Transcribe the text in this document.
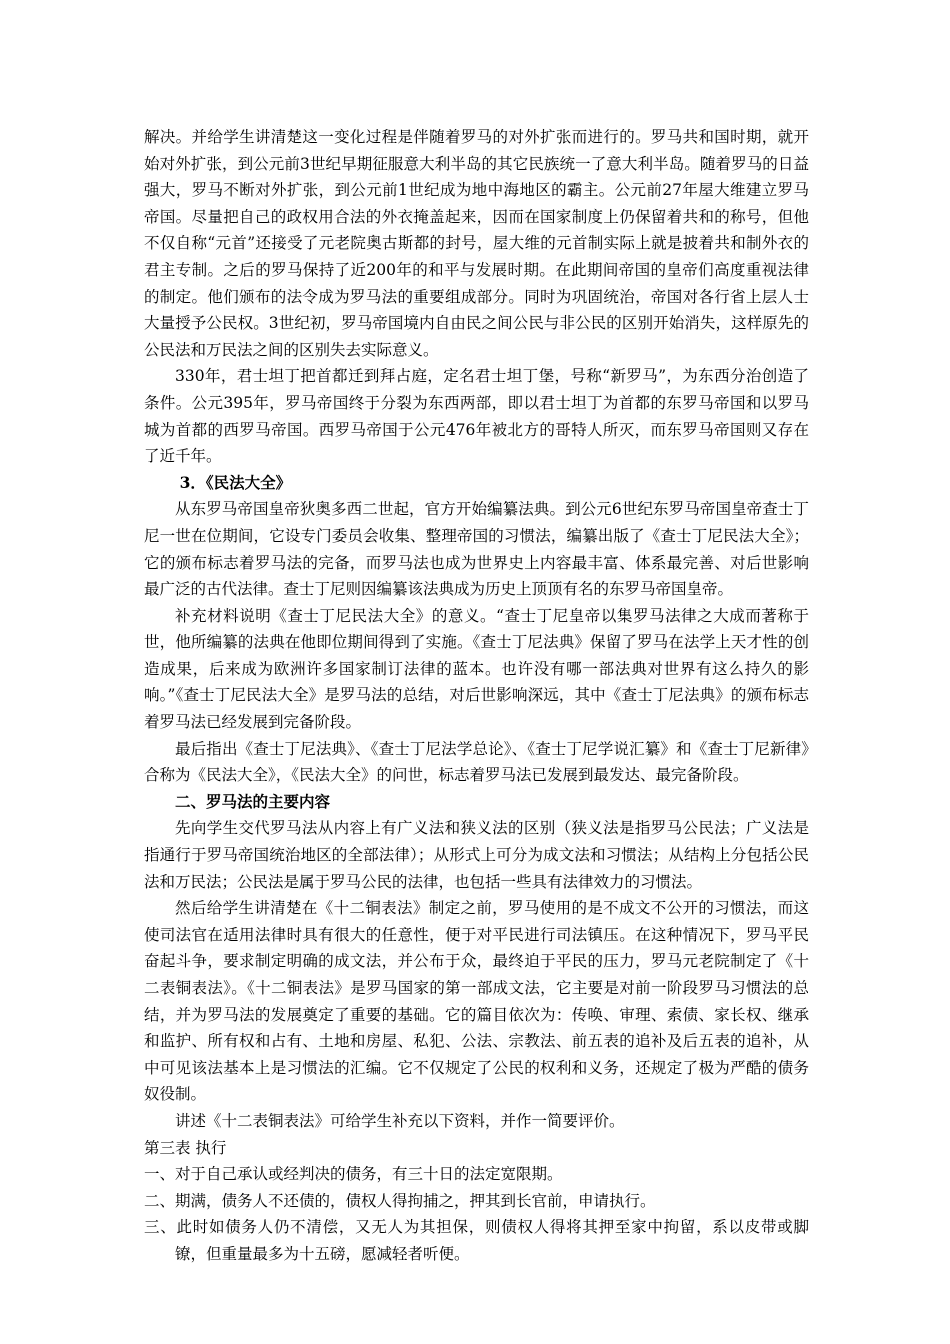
解决。并给学生讲清楚这一变化过程是伴随着罗马的对外扩张而进行的。罗马共和国时期，就开始对外扩张，到公元前3世纪早期征服意大利半岛的其它民族统一了意大利半岛。随着罗马的日益强大，罗马不断对外扩张，到公元前1世纪成为地中海地区的霸主。公元前27年屋大维建立罗马帝国。尽量把自己的政权用合法的外衣掩盖起来，因而在国家制度上仍保留着共和的称号，但他不仅自称“元首”还接受了元老院奥古斯都的封号，屋大维的元首制实际上就是披着共和制外衣的君主专制。之后的罗马保持了近200年的和平与发展时期。在此期间帝国的皇帝们高度重视法律的制定。他们颁布的法令成为罗马法的重要组成部分。同时为巩固统治，帝国对各行省上层人士大量授予公民权。3世纪初，罗马帝国境内自由民之间公民与非公民的区别开始消失，这样原先的公民法和万民法之间的区别失去实际意义。

330年，君士坦丁把首都迁到拜占庭，定名君士坦丁堡，号称“新罗马”，为东西分治创造了条件。公元395年，罗马帝国终于分裂为东西两部，即以君士坦丁为首都的东罗马帝国和以罗马城为首都的西罗马帝国。西罗马帝国于公元476年被北方的哥特人所灭，而东罗马帝国则又存在了近千年。

3．《民法大全》

从东罗马帝国皇帝狄奥多西二世起，官方开始编纂法典。到公元6世纪东罗马帝国皇帝查士丁尼一世在位期间，它设专门委员会收集、整理帝国的习惯法，编纂出版了《查士丁尼民法大全》；它的颁布标志着罗马法的完备，而罗马法也成为世界史上内容最丰富、体系最完善、对后世影响最广泛的古代法律。查士丁尼则因编纂该法典成为历史上顶顶有名的东罗马帝国皇帝。

补充材料说明《查士丁尼民法大全》的意义。“查士丁尼皇帝以集罗马法律之大成而著称于世，他所编纂的法典在他即位期间得到了实施。《查士丁尼法典》保留了罗马在法学上天才性的创造成果，后来成为欧洲许多国家制订法律的蓝本。也许没有哪一部法典对世界有这么持久的影响。”《查士丁尼民法大全》是罗马法的总结，对后世影响深远，其中《查士丁尼法典》的颁布标志着罗马法已经发展到完备阶段。

最后指出《查士丁尼法典》、《查士丁尼法学总论》、《查士丁尼学说汇纂》和《查士丁尼新律》合称为《民法大全》，《民法大全》的问世，标志着罗马法已发展到最发达、最完备阶段。

二、罗马法的主要内容

先向学生交代罗马法从内容上有广义法和狭义法的区别（狭义法是指罗马公民法；广义法是指通行于罗马帝国统治地区的全部法律）；从形式上可分为成文法和习惯法；从结构上分包括公民法和万民法；公民法是属于罗马公民的法律，也包括一些具有法律效力的习惯法。

然后给学生讲清楚在《十二铜表法》制定之前，罗马使用的是不成文不公开的习惯法，而这使司法官在适用法律时具有很大的任意性，便于对平民进行司法镇压。在这种情况下，罗马平民奋起斗争，要求制定明确的成文法，并公布于众，最终迫于平民的压力，罗马元老院制定了《十二表铜表法》。《十二铜表法》是罗马国家的第一部成文法，它主要是对前一阶段罗马习惯法的总结，并为罗马法的发展奠定了重要的基础。它的篇目依次为：传唤、审理、索债、家长权、继承和监护、所有权和占有、土地和房屋、私犯、公法、宗教法、前五表的追补及后五表的追补，从中可见该法基本上是习惯法的汇编。它不仅规定了公民的权利和义务，还规定了极为严酷的债务奴役制。

讲述《十二表铜表法》可给学生补充以下资料，并作一简要评价。

第三表 执行

一、对于自己承认或经判决的债务，有三十日的法定宽限期。

二、期满，债务人不还债的，债权人得拘捕之，押其到长官前，申请执行。

三、此时如债务人仍不清偿，又无人为其担保，则债权人得将其押至家中拘留，系以皮带或脚镣，但重量最多为十五磅，愿减轻者听便。
